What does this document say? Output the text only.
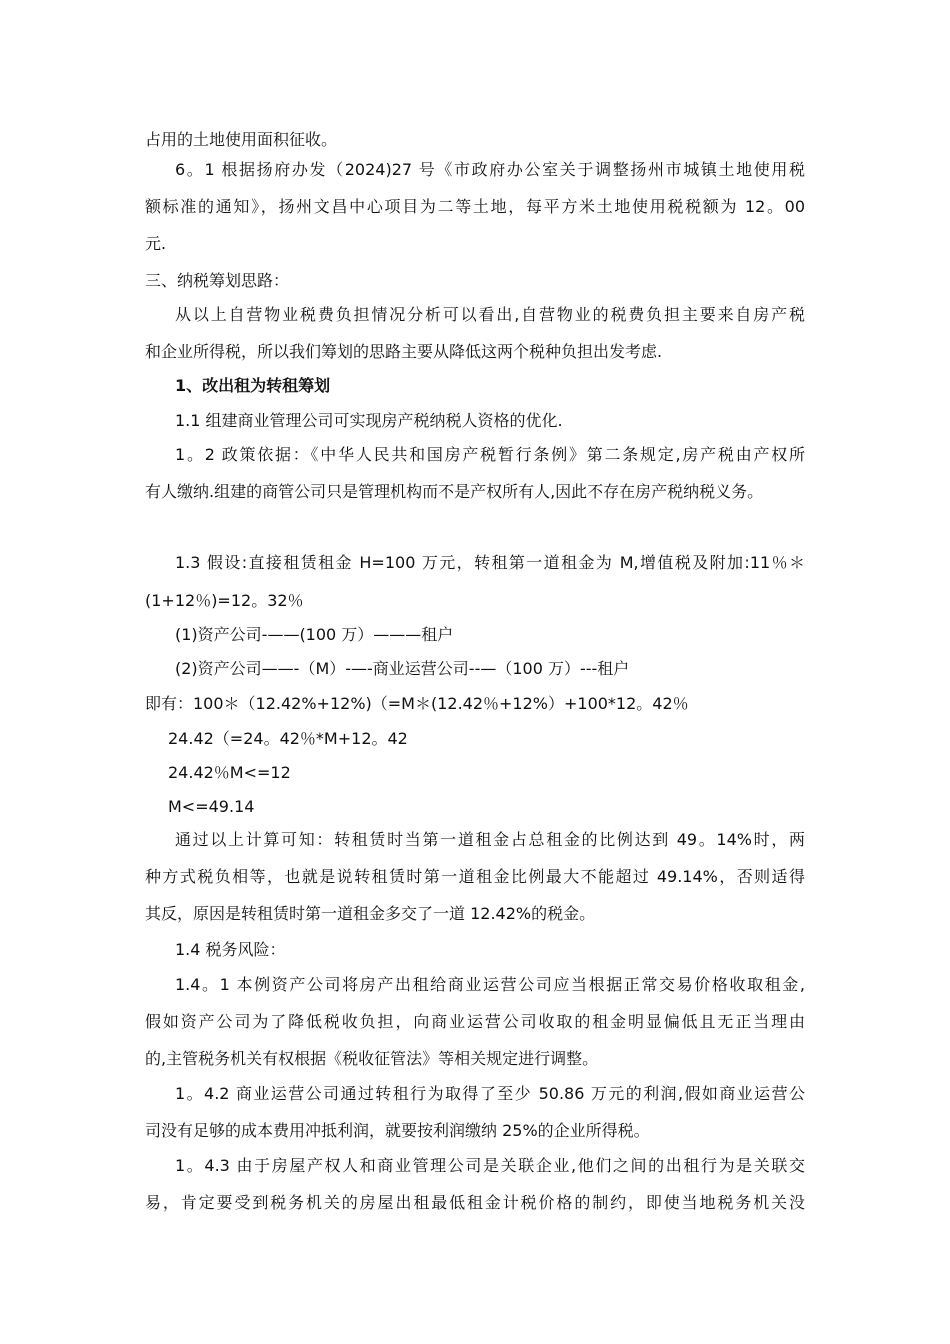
占用的土地使用面积征收。
6。1 根据扬府办发（2024)27 号《市政府办公室关于调整扬州市城镇土地使用税
额标准的通知》，扬州文昌中心项目为二等土地，每平方米土地使用税税额为 12。00
元.
三、纳税筹划思路：
从以上自营物业税费负担情况分析可以看出,自营物业的税费负担主要来自房产税
和企业所得税，所以我们筹划的思路主要从降低这两个税种负担出发考虑.
1、改出租为转租筹划
1.1 组建商业管理公司可实现房产税纳税人资格的优化.
1。2 政策依据：《中华人民共和国房产税暂行条例》第二条规定,房产税由产权所
有人缴纳.组建的商管公司只是管理机构而不是产权所有人,因此不存在房产税纳税义务。
1.3 假设:直接租赁租金 H=100 万元，转租第一道租金为 M,增值税及附加:11％＊
(1+12％)=12。32％
(1)资产公司-——(100 万）———租户
(2)资产公司——-（M）-—-商业运营公司--—（100 万）---租户
即有：100＊（12.42%+12%)（=M＊(12.42％+12%）+100*12。42％
24.42（=24。42％*M+12。42
24.42％M<=12
M<=49.14
通过以上计算可知：转租赁时当第一道租金占总租金的比例达到 49。14%时，两
种方式税负相等，也就是说转租赁时第一道租金比例最大不能超过 49.14%，否则适得
其反，原因是转租赁时第一道租金多交了一道 12.42%的税金。
1.4 税务风险：
1.4。1 本例资产公司将房产出租给商业运营公司应当根据正常交易价格收取租金,
假如资产公司为了降低税收负担，向商业运营公司收取的租金明显偏低且无正当理由
的,主管税务机关有权根据《税收征管法》等相关规定进行调整。
1。4.2 商业运营公司通过转租行为取得了至少 50.86 万元的利润,假如商业运营公
司没有足够的成本费用冲抵利润，就要按利润缴纳 25%的企业所得税。
1。4.3 由于房屋产权人和商业管理公司是关联企业,他们之间的出租行为是关联交
易，肯定要受到税务机关的房屋出租最低租金计税价格的制约，即使当地税务机关没
